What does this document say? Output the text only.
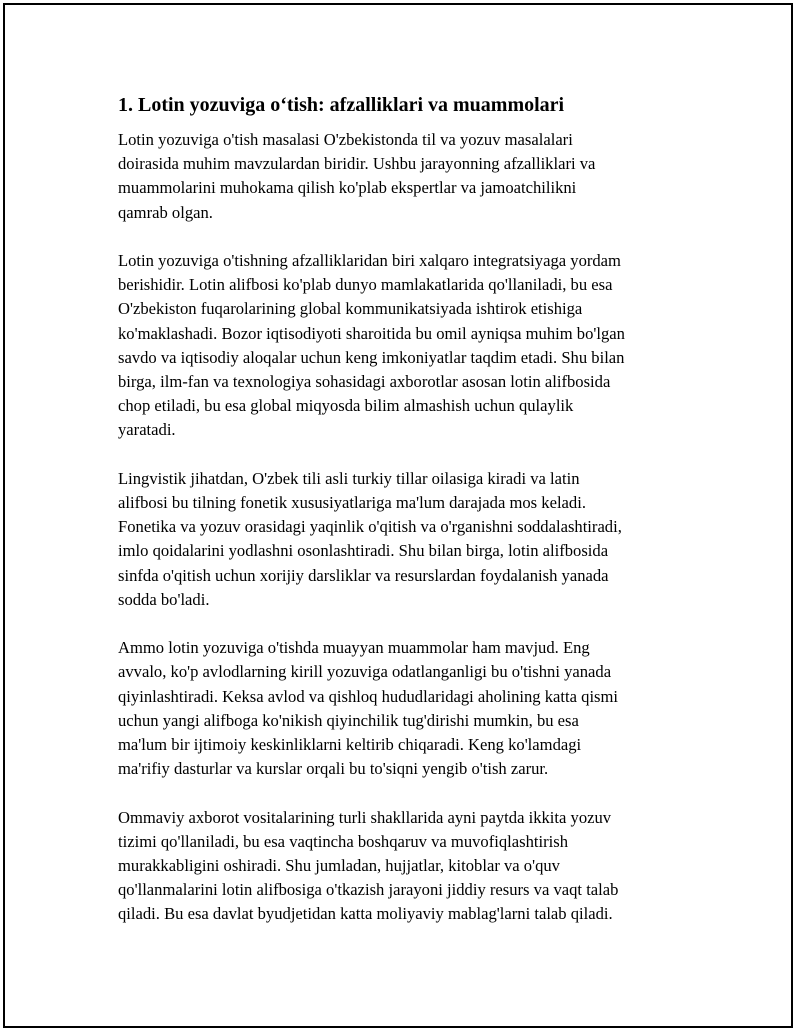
1. Lotin yozuviga o‘tish: afzalliklari va muammolari

Lotin yozuviga o'tish masalasi O'zbekistonda til va yozuv masalalari
doirasida muhim mavzulardan biridir. Ushbu jarayonning afzalliklari va
muammolarini muhokama qilish ko'plab ekspertlar va jamoatchilikni
qamrab olgan.

Lotin yozuviga o'tishning afzalliklaridan biri xalqaro integratsiyaga yordam
berishidir. Lotin alifbosi ko'plab dunyo mamlakatlarida qo'llaniladi, bu esa
O'zbekiston fuqarolarining global kommunikatsiyada ishtirok etishiga
ko'maklashadi. Bozor iqtisodiyoti sharoitida bu omil ayniqsa muhim bo'lgan
savdo va iqtisodiy aloqalar uchun keng imkoniyatlar taqdim etadi. Shu bilan
birga, ilm-fan va texnologiya sohasidagi axborotlar asosan lotin alifbosida
chop etiladi, bu esa global miqyosda bilim almashish uchun qulaylik
yaratadi.

Lingvistik jihatdan, O'zbek tili asli turkiy tillar oilasiga kiradi va latin
alifbosi bu tilning fonetik xususiyatlariga ma'lum darajada mos keladi.
Fonetika va yozuv orasidagi yaqinlik o'qitish va o'rganishni soddalashtiradi,
imlo qoidalarini yodlashni osonlashtiradi. Shu bilan birga, lotin alifbosida
sinfda o'qitish uchun xorijiy darsliklar va resurslardan foydalanish yanada
sodda bo'ladi.

Ammo lotin yozuviga o'tishda muayyan muammolar ham mavjud. Eng
avvalo, ko'p avlodlarning kirill yozuviga odatlanganligi bu o'tishni yanada
qiyinlashtiradi. Keksa avlod va qishloq hududlaridagi aholining katta qismi
uchun yangi alifboga ko'nikish qiyinchilik tug'dirishi mumkin, bu esa
ma'lum bir ijtimoiy keskinliklarni keltirib chiqaradi. Keng ko'lamdagi
ma'rifiy dasturlar va kurslar orqali bu to'siqni yengib o'tish zarur.

Ommaviy axborot vositalarining turli shakllarida ayni paytda ikkita yozuv
tizimi qo'llaniladi, bu esa vaqtincha boshqaruv va muvofiqlashtirish
murakkabligini oshiradi. Shu jumladan, hujjatlar, kitoblar va o'quv
qo'llanmalarini lotin alifbosiga o'tkazish jarayoni jiddiy resurs va vaqt talab
qiladi. Bu esa davlat byudjetidan katta moliyaviy mablag'larni talab qiladi.
